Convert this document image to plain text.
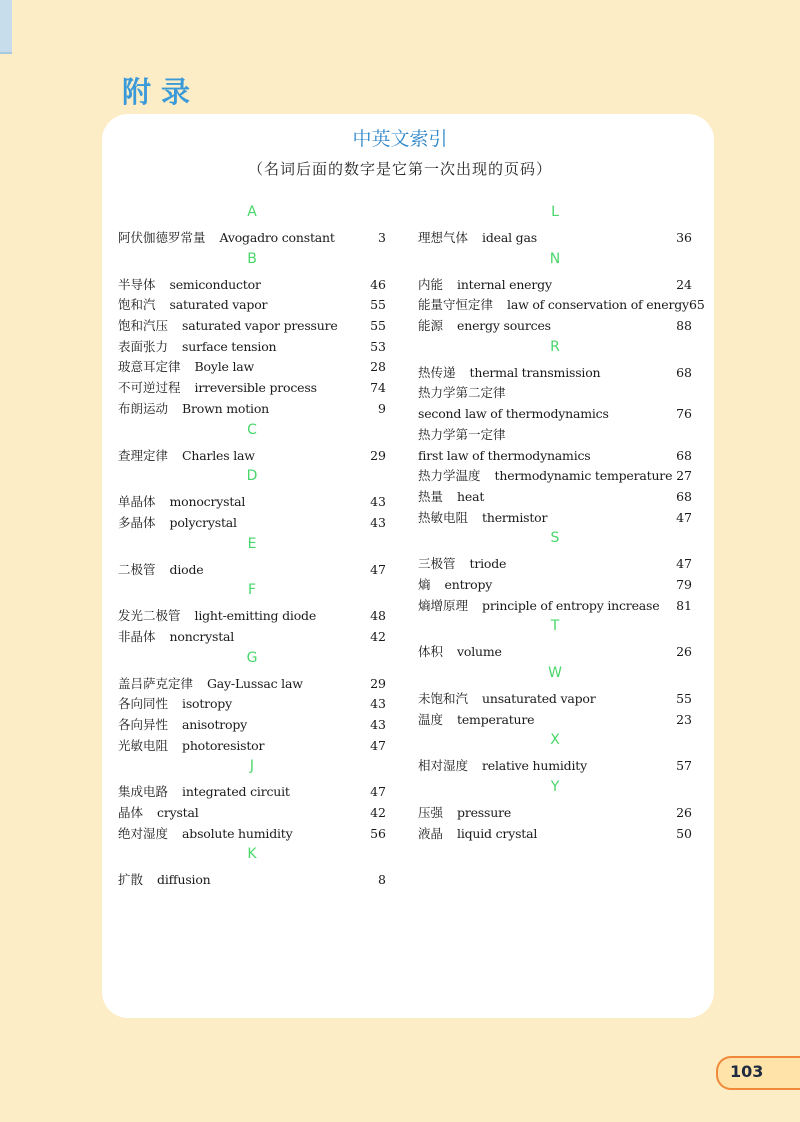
附录
中英文索引
（名词后面的数字是它第一次出现的页码）
A
阿伏伽德罗常量 Avogadro constant	3
B
半导体 semiconductor	46
饱和汽 saturated vapor	55
饱和汽压 saturated vapor pressure	55
表面张力 surface tension	53
玻意耳定律 Boyle law	28
不可逆过程 irreversible process	74
布朗运动 Brown motion	9
C
查理定律 Charles law	29
D
单晶体 monocrystal	43
多晶体 polycrystal	43
E
二极管 diode	47
F
发光二极管 light-emitting diode	48
非晶体 noncrystal	42
G
盖吕萨克定律 Gay-Lussac law	29
各向同性 isotropy	43
各向异性 anisotropy	43
光敏电阻 photoresistor	47
J
集成电路 integrated circuit	47
晶体 crystal	42
绝对湿度 absolute humidity	56
K
扩散 diffusion	8
L
理想气体 ideal gas	36
N
内能 internal energy	24
能量守恒定律 law of conservation of energy 65
能源 energy sources	88
R
热传递 thermal transmission	68
热力学第二定律
second law of thermodynamics	76
热力学第一定律
first law of thermodynamics	68
热力学温度 thermodynamic temperature 27
热量 heat	68
热敏电阻 thermistor	47
S
三极管 triode	47
熵 entropy	79
熵增原理 principle of entropy increase	81
T
体积 volume	26
W
未饱和汽 unsaturated vapor	55
温度 temperature	23
X
相对湿度 relative humidity	57
Y
压强 pressure	26
液晶 liquid crystal	50
103
